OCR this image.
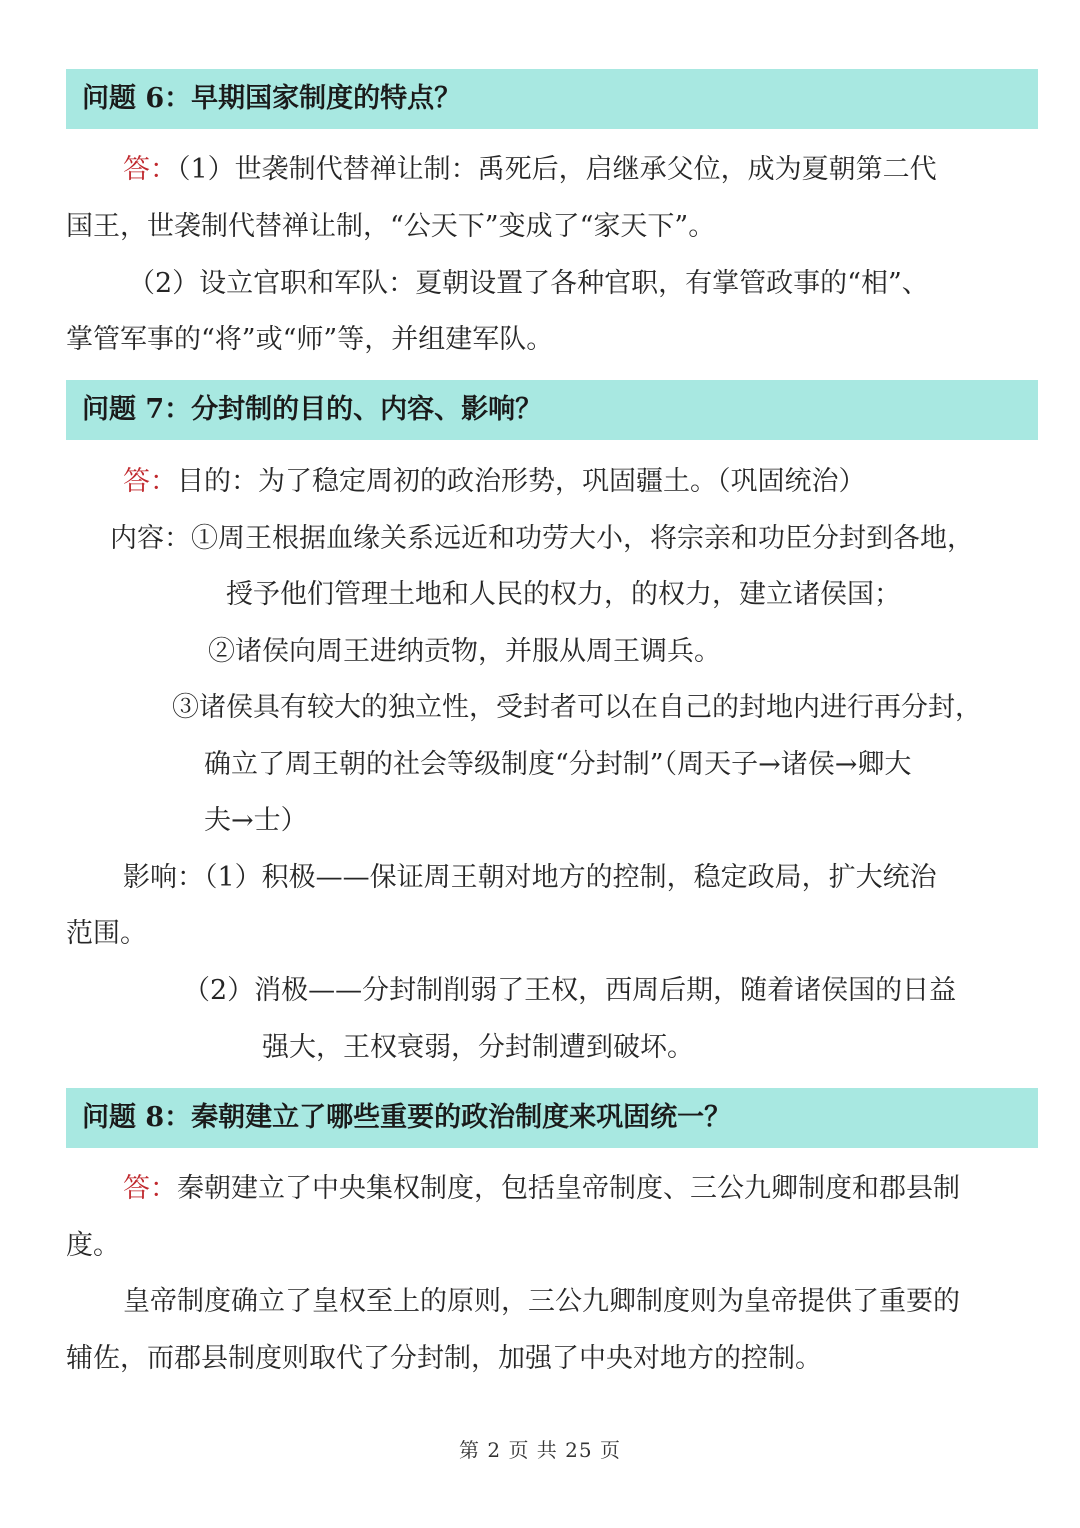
问题 6：早期国家制度的特点？
答：（1）世袭制代替禅让制：禹死后，启继承父位，成为夏朝第二代
国王，世袭制代替禅让制，“公天下”变成了“家天下”。
（2）设立官职和军队：夏朝设置了各种官职，有掌管政事的“相”、
掌管军事的“将”或“师”等，并组建军队。
问题 7：分封制的目的、内容、影响？
答：目的：为了稳定周初的政治形势，巩固疆土。（巩固统治）
内容：①周王根据血缘关系远近和功劳大小，将宗亲和功臣分封到各地，
授予他们管理土地和人民的权力，的权力，建立诸侯国；
②诸侯向周王进纳贡物，并服从周王调兵。
③诸侯具有较大的独立性，受封者可以在自己的封地内进行再分封，
确立了周王朝的社会等级制度“分封制”（周天子→诸侯→卿大
夫→士）
影响：（1）积极——保证周王朝对地方的控制，稳定政局，扩大统治
范围。
（2）消极——分封制削弱了王权，西周后期，随着诸侯国的日益
强大，王权衰弱，分封制遭到破坏。
问题 8：秦朝建立了哪些重要的政治制度来巩固统一？
答：秦朝建立了中央集权制度，包括皇帝制度、三公九卿制度和郡县制
度。
皇帝制度确立了皇权至上的原则，三公九卿制度则为皇帝提供了重要的
辅佐，而郡县制度则取代了分封制，加强了中央对地方的控制。
第 2 页 共 25 页
